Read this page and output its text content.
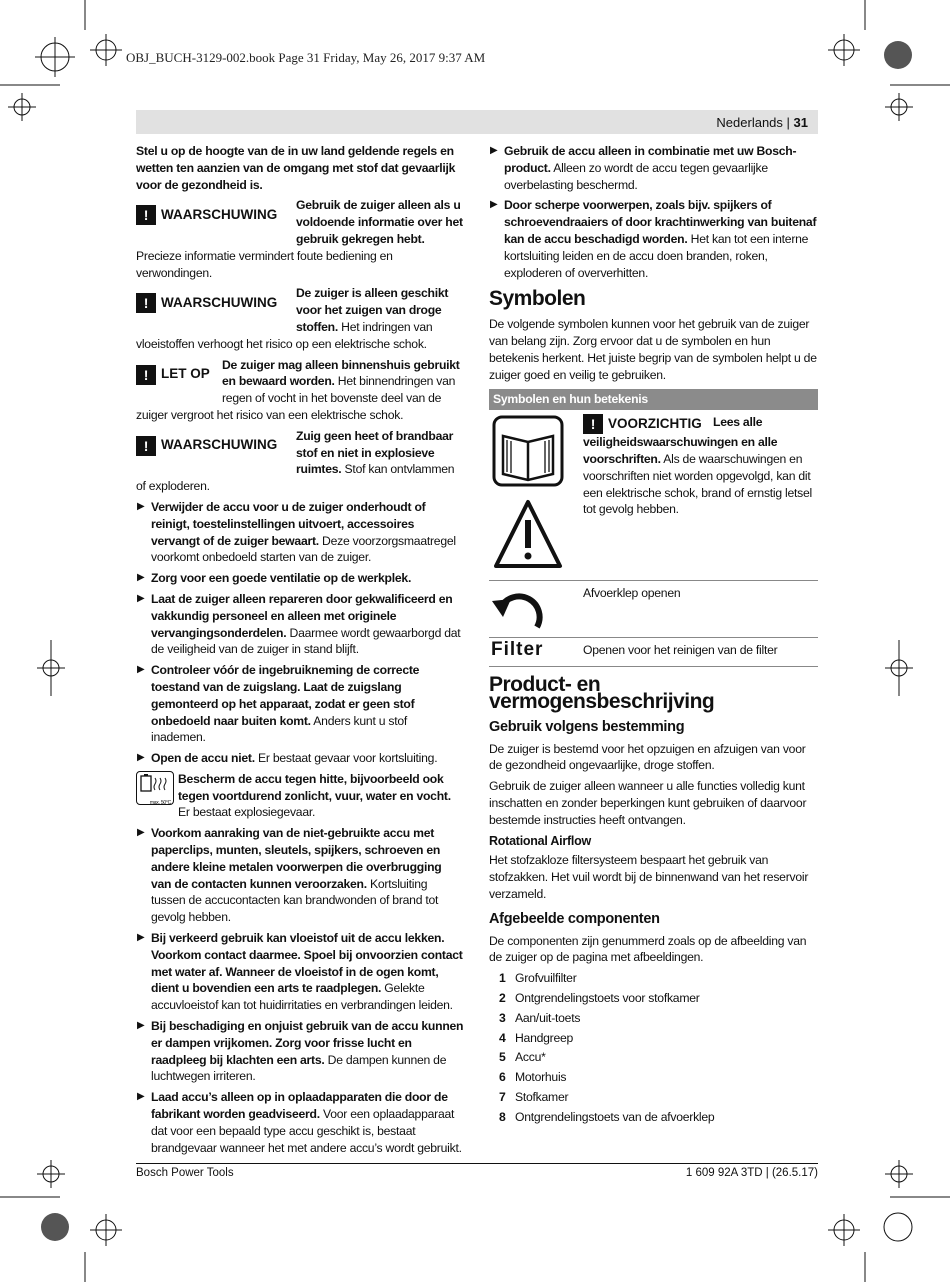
OBJ_BUCH-3129-002.book Page 31 Friday, May 26, 2017 9:37 AM
Nederlands | 31

Stel u op de hoogte van de in uw land geldende regels en wetten ten aanzien van de omgang met stof dat gevaarlijk voor de gezondheid is.

! WAARSCHUWING
Gebruik de zuiger alleen als u voldoende informatie over het gebruik gekregen hebt. Precieze informatie vermindert foute bediening en verwondingen.
! WAARSCHUWING
De zuiger is alleen geschikt voor het zuigen van droge stoffen. Het indringen van vloeistoffen verhoogt het risico op een elektrische schok.
! LET OP
De zuiger mag alleen binnenshuis gebruikt en bewaard worden. Het binnendringen van regen of vocht in het bovenste deel van de zuiger vergroot het risico van een elektrische schok.
! WAARSCHUWING
Zuig geen heet of brandbaar stof en niet in explosieve ruimtes. Stof kan ontvlammen of exploderen.
▶ Verwijder de accu voor u de zuiger onderhoudt of reinigt, toestelinstellingen uitvoert, accessoires vervangt of de zuiger bewaart. Deze voorzorgsmaatregel voorkomt onbedoeld starten van de zuiger.
▶ Zorg voor een goede ventilatie op de werkplek.
▶ Laat de zuiger alleen repareren door gekwalificeerd en vakkundig personeel en alleen met originele vervangingsonderdelen. Daarmee wordt gewaarborgd dat de veiligheid van de zuiger in stand blijft.
▶ Controleer vóór de ingebruikneming de correcte toestand van de zuigslang. Laat de zuigslang gemonteerd op het apparaat, zodat er geen stof onbedoeld naar buiten komt. Anders kunt u stof inademen.
▶ Open de accu niet. Er bestaat gevaar voor kortsluiting.
max. 50°C
Bescherm de accu tegen hitte, bijvoorbeeld ook tegen voortdurend zonlicht, vuur, water en vocht. Er bestaat explosiegevaar.
▶ Voorkom aanraking van de niet-gebruikte accu met paperclips, munten, sleutels, spijkers, schroeven en andere kleine metalen voorwerpen die overbrugging van de contacten kunnen veroorzaken. Kortsluiting tussen de accucontacten kan brandwonden of brand tot gevolg hebben.
▶ Bij verkeerd gebruik kan vloeistof uit de accu lekken. Voorkom contact daarmee. Spoel bij onvoorzien contact met water af. Wanneer de vloeistof in de ogen komt, dient u bovendien een arts te raadplegen. Gelekte accuvloeistof kan tot huidirritaties en verbrandingen leiden.
▶ Bij beschadiging en onjuist gebruik van de accu kunnen er dampen vrijkomen. Zorg voor frisse lucht en raadpleeg bij klachten een arts. De dampen kunnen de luchtwegen irriteren.
▶ Laad accu’s alleen op in oplaadapparaten die door de fabrikant worden geadviseerd. Voor een oplaadapparaat dat voor een bepaald type accu geschikt is, bestaat brandgevaar wanneer het met andere accu’s wordt gebruikt.
▶ Gebruik de accu alleen in combinatie met uw Bosch-product. Alleen zo wordt de accu tegen gevaarlijke overbelasting beschermd.
▶ Door scherpe voorwerpen, zoals bijv. spijkers of schroevendraaiers of door krachtinwerking van buitenaf kan de accu beschadigd worden. Het kan tot een interne kortsluiting leiden en de accu doen branden, roken, exploderen of oververhitten.
Symbolen

De volgende symbolen kunnen voor het gebruik van de zuiger van belang zijn. Zorg ervoor dat u de symbolen en hun betekenis herkent. Het juiste begrip van de symbolen helpt u de zuiger goed en veilig te gebruiken.

Symbolen en hun betekenis
! VOORZICHTIG Lees alle veiligheidswaarschuwingen en alle voorschriften. Als de waarschuwingen en voorschriften niet worden opgevolgd, kan dit een elektrische schok, brand of ernstig letsel tot gevolg hebben.
Afvoerklep openen
Filter	Openen voor het reinigen van de filter
Product- en vermogensbeschrijving
Gebruik volgens bestemming

De zuiger is bestemd voor het opzuigen en afzuigen van voor de gezondheid ongevaarlijke, droge stoffen.

Gebruik de zuiger alleen wanneer u alle functies volledig kunt inschatten en zonder beperkingen kunt gebruiken of daarvoor bestemde instructies heeft ontvangen.

Rotational Airflow

Het stofzakloze filtersysteem bespaart het gebruik van stofzakken. Het vuil wordt bij de binnenwand van het reservoir verzameld.

Afgebeelde componenten

De componenten zijn genummerd zoals op de afbeelding van de zuiger op de pagina met afbeeldingen.

1 Grofvuilfilter
2 Ontgrendelingstoets voor stofkamer
3 Aan/uit-toets
4 Handgreep
5 Accu*
6 Motorhuis
7 Stofkamer
8 Ontgrendelingstoets van de afvoerklep
Bosch Power Tools	1 609 92A 3TD | (26.5.17)
